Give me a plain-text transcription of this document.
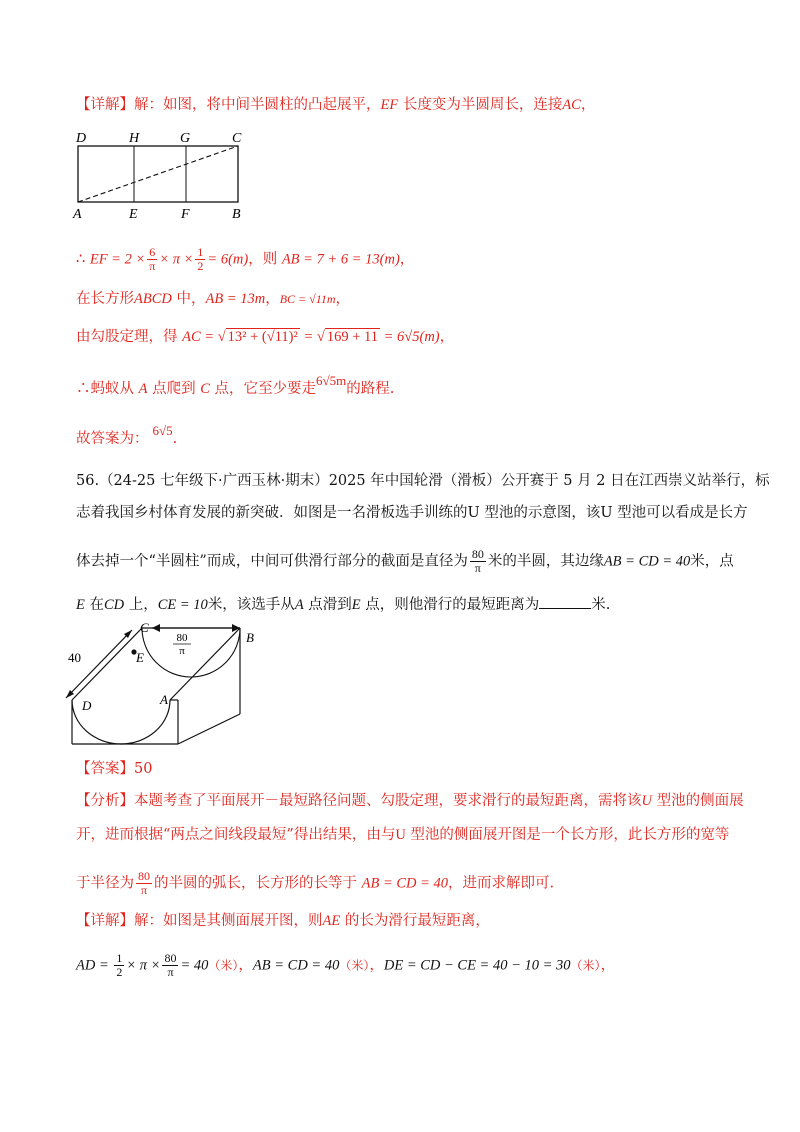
【详解】解：如图，将中间半圆柱的凸起展平，EF 长度变为半圆周长，连接AC，
D	H	G	C
A	E	F	B
∴ EF = $2 \times \frac{6}{\pi} \times \pi \times \frac{1}{2} = 6(m)$，则 AB = 7 + 6 = 13(m)，
在长方形ABCD 中，AB = 13m，BC = √11m，
由勾股定理，得 AC = √ 13² + (√11)² = √ 169 + 11 = 6√5(m)，
∴蚂蚁从 A 点爬到 C 点，它至少要走6√5m的路程.
故答案为：6√5.
56.（24-25 七年级下·广西玉林·期末）2025 年中国轮滑（滑板）公开赛于 5 月 2 日在江西崇义站举行，标
志着我国乡村体育发展的新突破．如图是一名滑板选手训练的U 型池的示意图，该U 型池可以看成是长方
体去掉一个“半圆柱”而成，中间可供滑行部分的截面是直径为 $\frac{80}{\pi}$ 米的半圆，其边缘AB = CD = 40米，点
E 在CD 上，CE = 10米，该选手从A 点滑到E 点，则他滑行的最短距离为	米.
C
B
E
A
D
40
80
π
【答案】50
【分析】本题考查了平面展开－最短路径问题、勾股定理，要求滑行的最短距离，需将该U 型池的侧面展
开，进而根据“两点之间线段最短”得出结果，由与U 型池的侧面展开图是一个长方形，此长方形的宽等
于半径为 $\frac{80}{\pi}$ 的半圆的弧长，长方形的长等于 AB = CD = 40，进而求解即可.
【详解】解：如图是其侧面展开图，则AE 的长为滑行最短距离，
AD = $\frac{1}{2} \times \pi \times \frac{80}{\pi} = 40$（米），AB = CD = 40（米），DE = CD − CE = 40 − 10 = 30（米），
